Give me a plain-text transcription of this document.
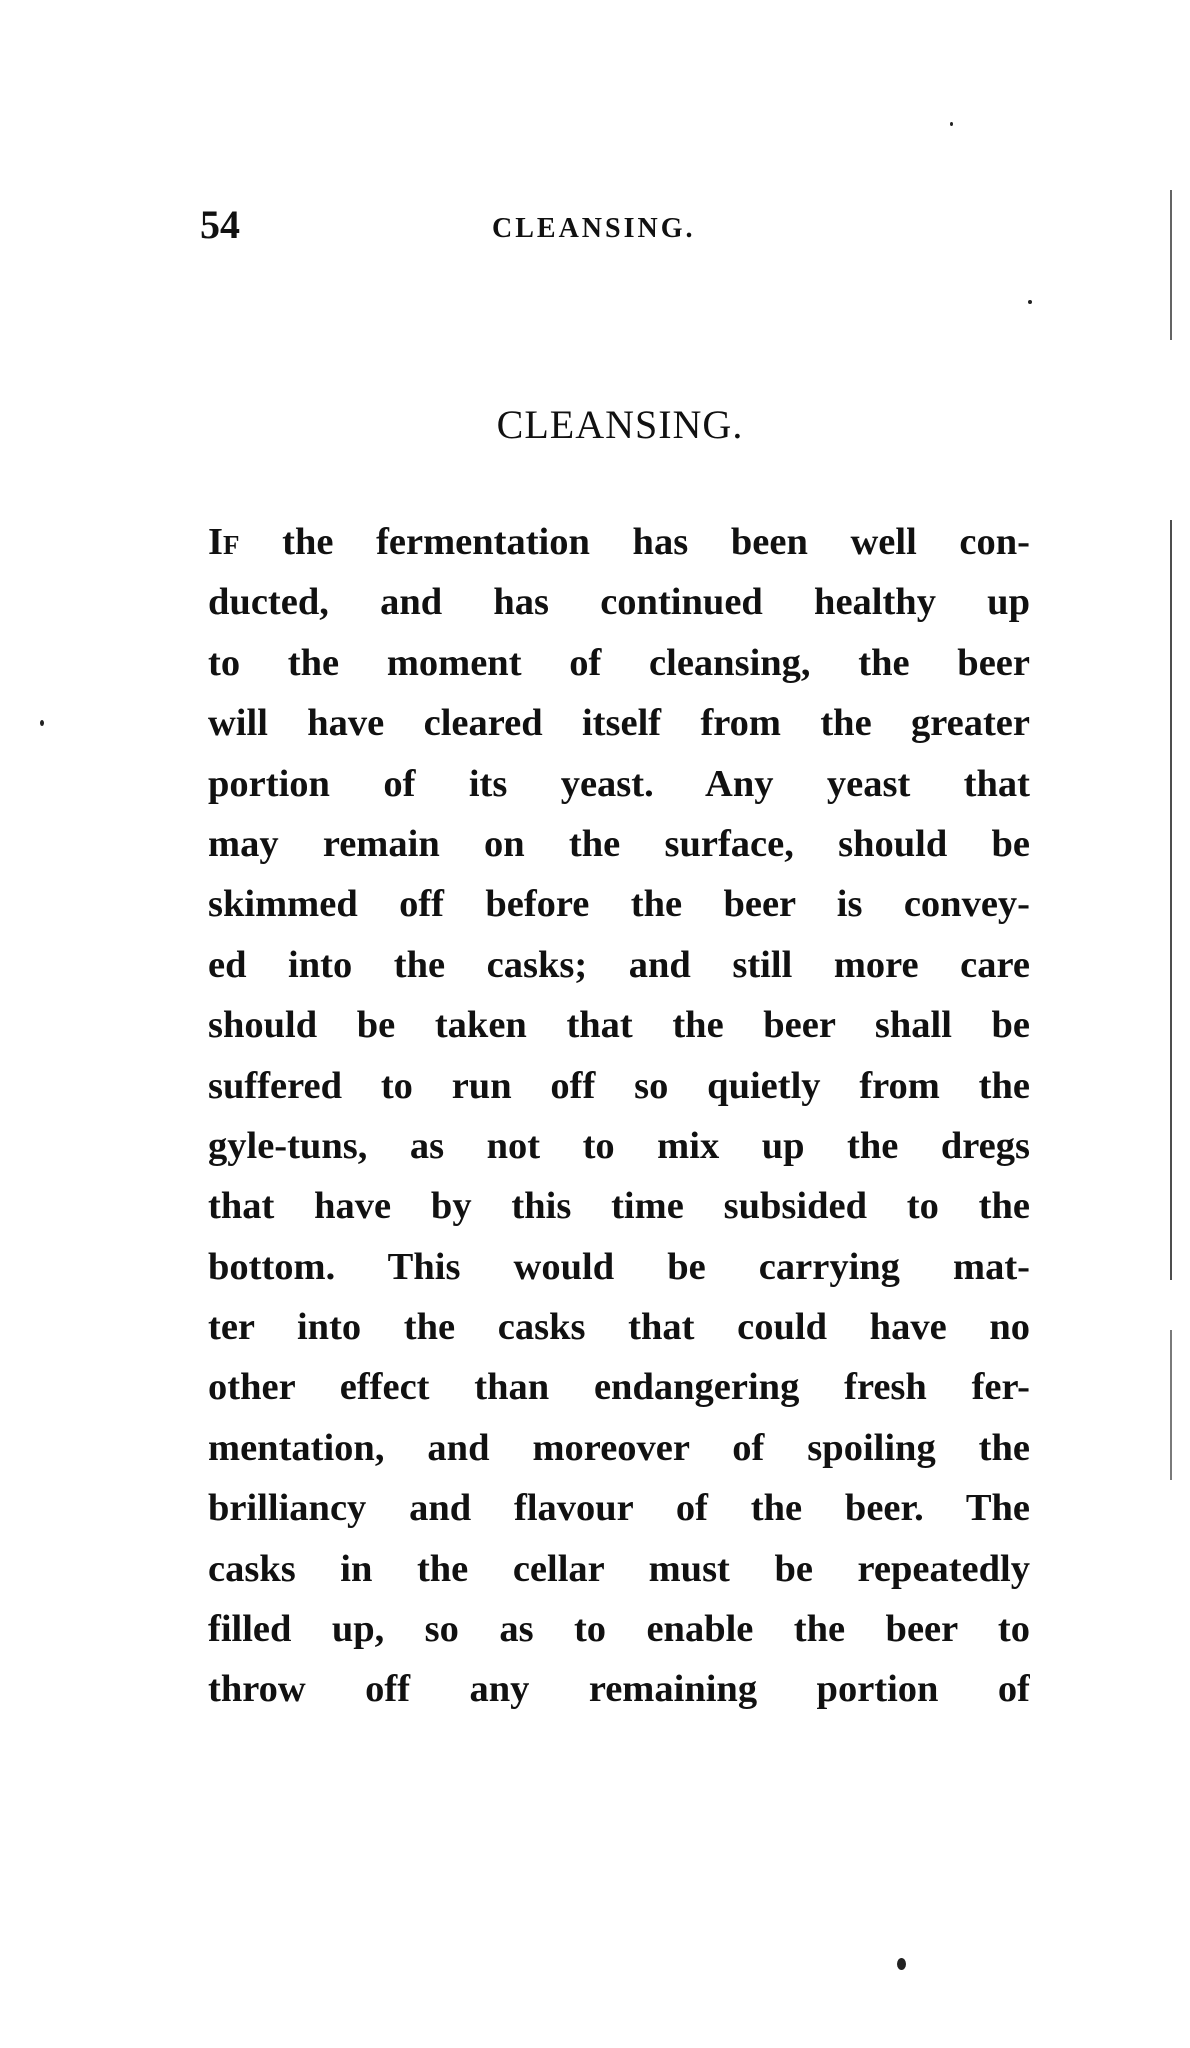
54	CLEANSING.
CLEANSING.
If the fermentation has been well con-
ducted, and has continued healthy up
to the moment of cleansing, the beer
will have cleared itself from the greater
portion of its yeast. Any yeast that
may remain on the surface, should be
skimmed off before the beer is convey-
ed into the casks; and still more care
should be taken that the beer shall be
suffered to run off so quietly from the
gyle-tuns, as not to mix up the dregs
that have by this time subsided to the
bottom. This would be carrying mat-
ter into the casks that could have no
other effect than endangering fresh fer-
mentation, and moreover of spoiling the
brilliancy and flavour of the beer. The
casks in the cellar must be repeatedly
filled up, so as to enable the beer to
throw off any remaining portion of
